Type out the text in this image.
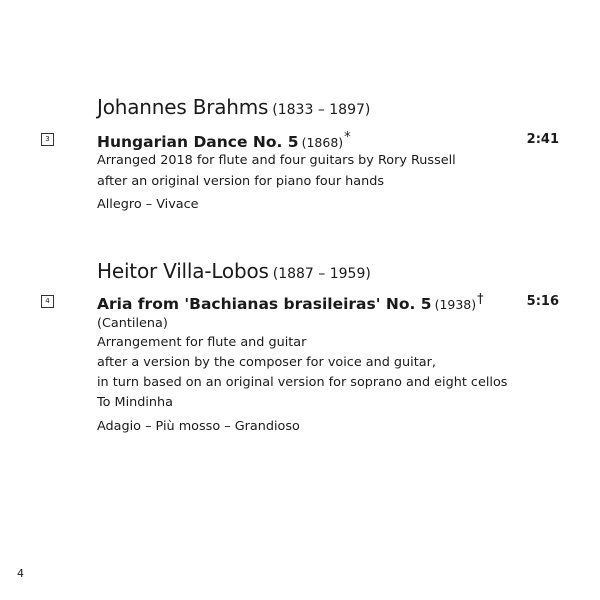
Johannes Brahms (1833 – 1897)
3	Hungarian Dance No. 5 (1868)*	2:41
Arranged 2018 for flute and four guitars by Rory Russell
after an original version for piano four hands
Allegro – Vivace
Heitor Villa-Lobos (1887 – 1959)
4	Aria from 'Bachianas brasileiras' No. 5 (1938)†	5:16
(Cantilena)
Arrangement for flute and guitar
after a version by the composer for voice and guitar,
in turn based on an original version for soprano and eight cellos
To Mindinha
Adagio – Più mosso – Grandioso
4
